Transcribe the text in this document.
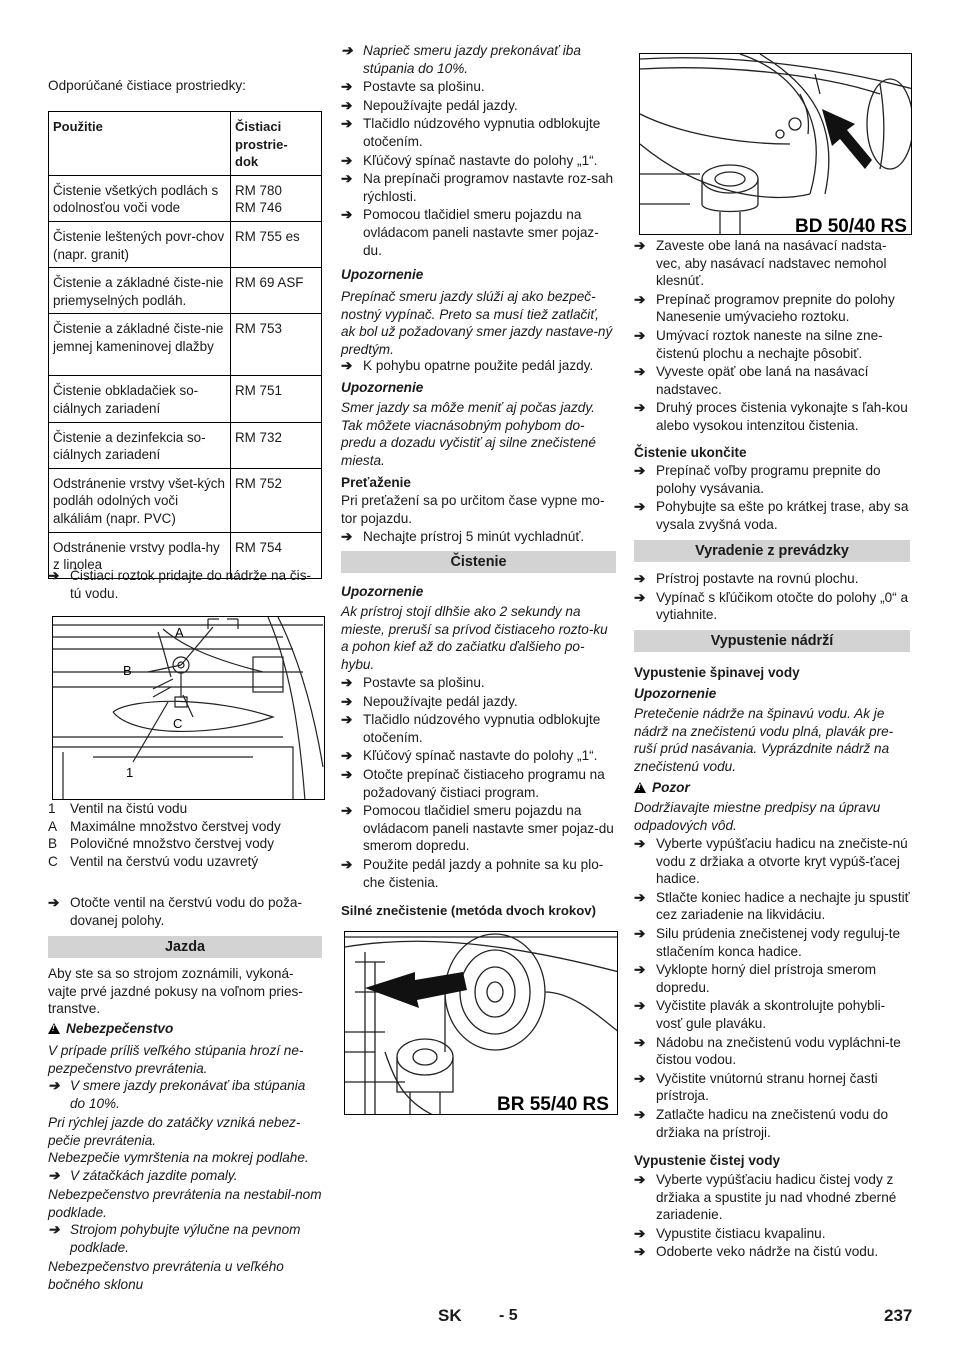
Odporúčané čistiace prostriedky:
Použitie	Čistiaci
prostrie-
dok
Čistenie všetkých podlách s odolnosťou voči vode	RM 780
RM 746
Čistenie leštených povr-chov (napr. granit)	RM 755 es
Čistenie a základné čiste-nie priemyselných podláh.	RM 69 ASF
Čistenie a základné čiste-nie jemnej kameninovej dlažby	RM 753
Čistenie obkladačiek so-ciálnych zariadení	RM 751
Čistenie a dezinfekcia so-ciálnych zariadení	RM 732
Odstránenie vrstvy všet-kých podláh odolných voči alkáliám (napr. PVC)	RM 752
Odstránenie vrstvy podla-hy z linolea	RM 754
➔ Čistiaci roztok pridajte do nádrže na čis-tú vodu.
A
B
C
1
1	Ventil na čistú vodu
A Maximálne množstvo čerstvej vody
B Polovičné množstvo čerstvej vody
C Ventil na čerstvú vodu uzavretý
➔ Otočte ventil na čerstvú vodu do poža-dovanej polohy.
Jazda
Aby ste sa so strojom zoznámili, vykoná-vajte prvé jazdné pokusy na voľnom pries-transtve.
!Nebezpečenstvo
V prípade príliš veľkého stúpania hrozí ne-pezpečenstvo prevrátenia.
➔ V smere jazdy prekonávať iba stúpania do 10%.
Pri rýchlej jazde do zatáčky vzniká nebez-pečie prevrátenia.
Nebezpečie vymrštenia na mokrej podlahe.
➔ V zátačkách jazdite pomaly.
Nebezpečenstvo prevrátenia na nestabil-nom podklade.
➔ Strojom pohybujte výlučne na pevnom podklade.
Nebezpečenstvo prevrátenia u veľkého bočného sklonu
➔ Naprieč smeru jazdy prekonávať iba stúpania do 10%.
➔ Postavte sa plošinu.
➔ Nepoužívajte pedál jazdy.
➔ Tlačidlo núdzového vypnutia odblokujte otočením.
➔ Kľúčový spínač nastavte do polohy „1“.
➔ Na prepínači programov nastavte roz-sah rýchlosti.
➔ Pomocou tlačidiel smeru pojazdu na ovládacom paneli nastavte smer pojaz-du.
Upozornenie
Prepínač smeru jazdy slúži aj ako bezpeč-nostný vypínač. Preto sa musí tiež zatlačiť, ak bol už požadovaný smer jazdy nastave-ný predtým.
➔ K pohybu opatrne použite pedál jazdy.
Upozornenie
Smer jazdy sa môže meniť aj počas jazdy. Tak môžete viacnásobným pohybom do-predu a dozadu vyčistiť aj silne znečistené miesta.
Preťaženie
Pri preťažení sa po určitom čase vypne mo-tor pojazdu.
➔ Nechajte prístroj 5 minút vychladnúť.
Čistenie
Upozornenie
Ak prístroj stojí dlhšie ako 2 sekundy na mieste, preruší sa prívod čistiaceho rozto-ku a pohon kief až do začiatku ďalšieho po-hybu.
➔ Postavte sa plošinu.
➔ Nepoužívajte pedál jazdy.
➔ Tlačidlo núdzového vypnutia odblokujte otočením.
➔ Kľúčový spínač nastavte do polohy „1“.
➔ Otočte prepínač čistiaceho programu na požadovaný čistiaci program.
➔ Pomocou tlačidiel smeru pojazdu na ovládacom paneli nastavte smer pojaz-du smerom dopredu.
➔ Použite pedál jazdy a pohnite sa ku plo-che čistenia.
Silné znečistenie (metóda dvoch krokov)
BR 55/40 RS
BD 50/40 RS
➔ Zaveste obe laná na nasávací nadsta-vec, aby nasávací nadstavec nemohol klesnúť.
➔ Prepínač programov prepnite do polohy Nanesenie umývacieho roztoku.
➔ Umývací roztok naneste na silne zne-čistenú plochu a nechajte pôsobiť.
➔ Vyveste opäť obe laná na nasávací nadstavec.
➔ Druhý proces čistenia vykonajte s ľah-kou alebo vysokou intenzitou čistenia.
Čistenie ukončite
➔ Prepínač voľby programu prepnite do polohy vysávania.
➔ Pohybujte sa ešte po krátkej trase, aby sa vysala zvyšná voda.
Vyradenie z prevádzky
➔ Prístroj postavte na rovnú plochu.
➔ Vypínač s kľúčikom otočte do polohy „0“ a vytiahnite.
Vypustenie nádrží
Vypustenie špinavej vody
Upozornenie
Pretečenie nádrže na špinavú vodu. Ak je nádrž na znečistenú vodu plná, plavák pre-ruší prúd nasávania. Vyprázdnite nádrž na znečistenú vodu.
!Pozor
Dodržiavajte miestne predpisy na úpravu odpadových vôd.
➔ Vyberte vypúšťaciu hadicu na znečiste-nú vodu z držiaka a otvorte kryt vypúš-ťacej hadice.
➔ Stlačte koniec hadice a nechajte ju spustiť cez zariadenie na likvidáciu.
➔ Silu prúdenia znečistenej vody reguluj-te stlačením konca hadice.
➔ Vyklopte horný diel prístroja smerom dopredu.
➔ Vyčistite plavák a skontrolujte pohybli-vosť gule plaváku.
➔ Nádobu na znečistenú vodu vypláchni-te čistou vodou.
➔ Vyčistite vnútornú stranu hornej časti prístroja.
➔ Zatlačte hadicu na znečistenú vodu do držiaka na prístroji.
Vypustenie čistej vody
➔ Vyberte vypúšťaciu hadicu čistej vody z držiaka a spustite ju nad vhodné zberné zariadenie.
➔ Vypustite čistiacu kvapalinu.
➔ Odoberte veko nádrže na čistú vodu.
SK - 5	237
